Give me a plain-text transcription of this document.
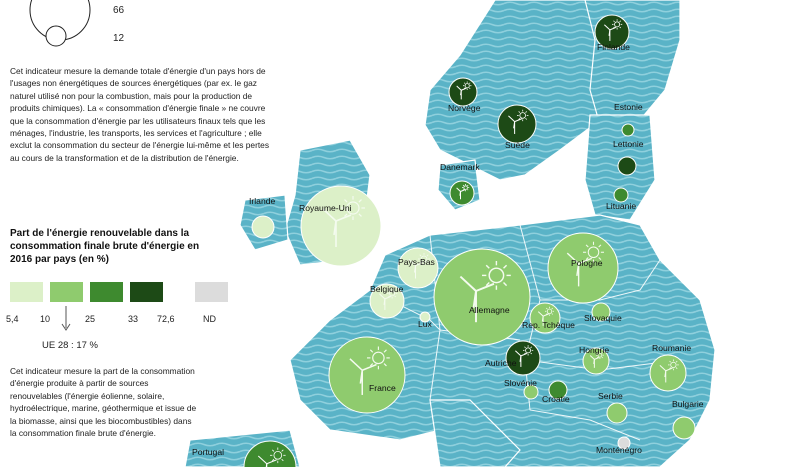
66
12
Cet indicateur mesure la demande totale d'énergie d'un pays hors de
l'usages non énergétiques de sources énergétiques (par ex. le gaz
naturel utilisé non pour la combustion, mais pour la production de
produits chimiques). La « consommation d'énergie finale » ne couvre
que la consommation d'énergie par les utilisateurs finaux tels que les
ménages, l'industrie, les transports, les services et l'agriculture ; elle
exclut la consommation du secteur de l'énergie lui-même et les pertes
au cours de la transformation et de la distribution de l'énergie.
Part de l'énergie renouvelable dans la consommation finale brute d'énergie en 2016 par pays (en %)
5,4 10	25	33 72,6	ND
UE 28 : 17 %
Cet indicateur mesure la part de la consommation
d'énergie produite à partir de sources
renouvelables (l'énergie éolienne, solaire,
hydroélectrique, marine, géothermique et issue de
la biomasse, ainsi que les biocombustibles) dans
la consommation finale brute d'énergie.
Finlande
Norvège
Suède
Estonie
Lettonie
Danemark
Lituanie
Irlande
Royaume-Uni
Pays-Bas
Belgique
Lux
Allemagne
Pologne
Rep. Tchèque
Slovaquie
Autriche
Hongrie	Roumanie
Slovénie
Croatie	Serbie
Bulgarie
France
Monténégro
Portugal
